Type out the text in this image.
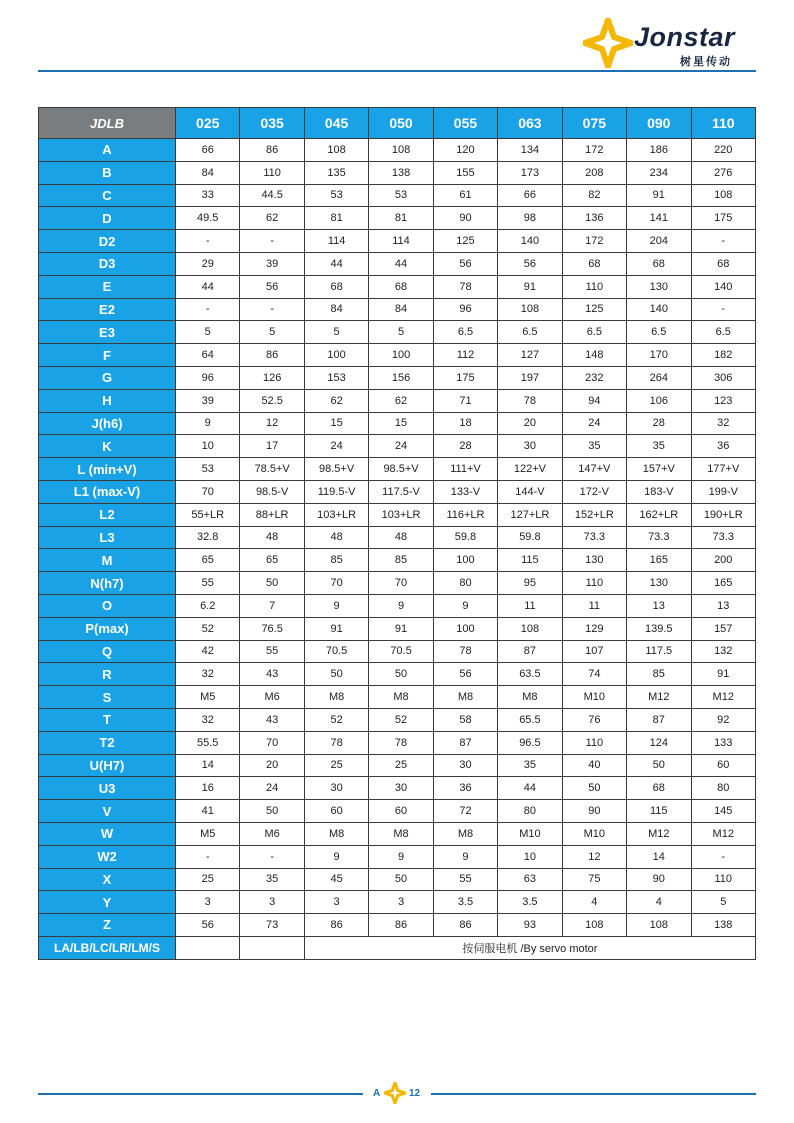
Jonstar
树星传动
JDLB	025	035	045	050	055	063	075	090	110
A	66	86	108	108	120	134	172	186	220
B	84	110	135	138	155	173	208	234	276
C	33	44.5	53	53	61	66	82	91	108
D	49.5	62	81	81	90	98	136	141	175
D2	-	-	114	114	125	140	172	204	-
D3	29	39	44	44	56	56	68	68	68
E	44	56	68	68	78	91	110	130	140
E2	-	-	84	84	96	108	125	140	-
E3	5	5	5	5	6.5	6.5	6.5	6.5	6.5
F	64	86	100	100	112	127	148	170	182
G	96	126	153	156	175	197	232	264	306
H	39	52.5	62	62	71	78	94	106	123
J(h6)	9	12	15	15	18	20	24	28	32
K	10	17	24	24	28	30	35	35	36
L (min+V)	53	78.5+V	98.5+V	98.5+V	111+V	122+V	147+V	157+V	177+V
L1 (max-V)	70	98.5-V	119.5-V	117.5-V	133-V	144-V	172-V	183-V	199-V
L2	55+LR	88+LR	103+LR	103+LR	116+LR	127+LR	152+LR	162+LR	190+LR
L3	32.8	48	48	48	59.8	59.8	73.3	73.3	73.3
M	65	65	85	85	100	115	130	165	200
N(h7)	55	50	70	70	80	95	110	130	165
O	6.2	7	9	9	9	11	11	13	13
P(max)	52	76.5	91	91	100	108	129	139.5	157
Q	42	55	70.5	70.5	78	87	107	117.5	132
R	32	43	50	50	56	63.5	74	85	91
S	M5	M6	M8	M8	M8	M8	M10	M12	M12
T	32	43	52	52	58	65.5	76	87	92
T2	55.5	70	78	78	87	96.5	110	124	133
U(H7)	14	20	25	25	30	35	40	50	60
U3	16	24	30	30	36	44	50	68	80
V	41	50	60	60	72	80	90	115	145
W	M5	M6	M8	M8	M8	M10	M10	M12	M12
W2	-	-	9	9	9	10	12	14	-
X	25	35	45	50	55	63	75	90	110
Y	3	3	3	3	3.5	3.5	4	4	5
Z	56	73	86	86	86	93	108	108	138
LA/LB/LC/LR/LM/S			按伺服电机 /By servo motor						
A	12
